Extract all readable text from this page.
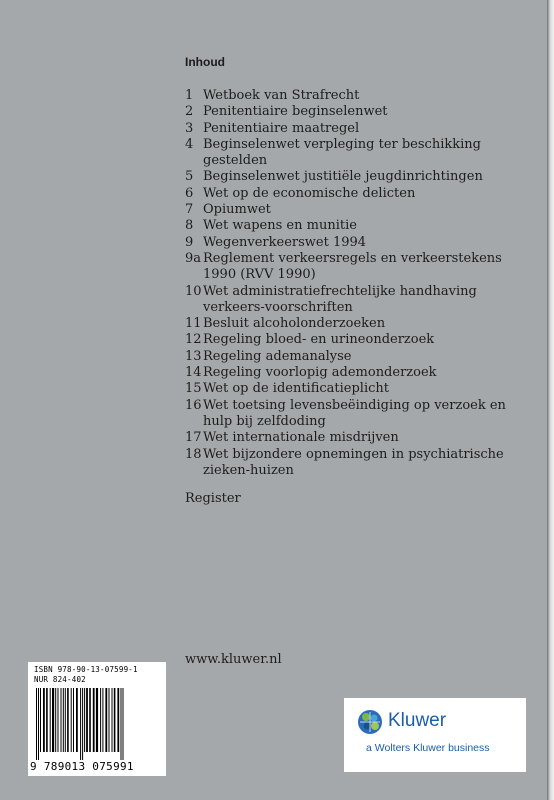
Inhoud
1 Wetboek van Strafrecht
2 Penitentiaire beginselenwet
3 Penitentiaire maatregel
4 Beginselenwet verpleging ter beschikking gestelden
5 Beginselenwet justitiële jeugdinrichtingen
6 Wet op de economische delicten
7 Opiumwet
8 Wet wapens en munitie
9 Wegenverkeerswet 1994
9a Reglement verkeersregels en verkeerstekens 1990 (RVV 1990)
10 Wet administratiefrechtelijke handhaving verkeers-voorschriften
11 Besluit alcoholonderzoeken
12 Regeling bloed- en urineonderzoek
13 Regeling ademanalyse
14 Regeling voorlopig ademonderzoek
15 Wet op de identificatieplicht
16 Wet toetsing levensbeëindiging op verzoek en hulp bij zelfdoding
17 Wet internationale misdrijven
18 Wet bijzondere opnemingen in psychiatrische zieken-huizen
Register
www.kluwer.nl
ISBN 978-90-13-07599-1
NUR 824-402
9 789013 075991
Kluwer
a Wolters Kluwer business
